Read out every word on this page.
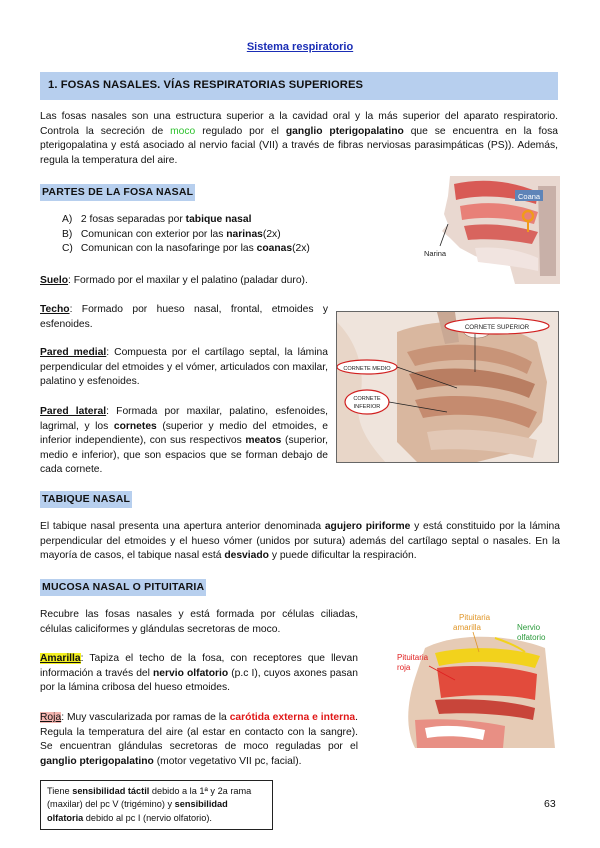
Sistema respiratorio
1. FOSAS NASALES. VÍAS RESPIRATORIAS SUPERIORES
Las fosas nasales son una estructura superior a la cavidad oral y la más superior del aparato respiratorio. Controla la secreción de moco regulado por el ganglio pterigopalatino que se encuentra en la fosa pterigopalatina y está asociado al nervio facial (VII) a través de fibras nerviosas parasimpáticas (PS)). Además, regula la temperatura del aire.
PARTES DE LA FOSA NASAL
A)
2 fosas separadas por
tabique nasal
B)
Comunican con exterior por las
narinas (2x)
C)
Comunican con la nasofaringe por las
coanas (2x)
Suelo: Formado por el maxilar y el palatino (paladar duro).
Techo: Formado por hueso nasal, frontal, etmoides y esfenoides.
Pared medial: Compuesta por el cartílago septal, la lámina perpendicular del etmoides y el vómer, articulados con maxilar, palatino y esfenoides.
Pared lateral: Formada por maxilar, palatino, esfenoides, lagrimal, y los cornetes (superior y medio del etmoides, e inferior independiente), con sus respectivos meatos (superior, medio e inferior), que son espacios que se forman debajo de cada cornete.
Coana
Narina
CORNETE SUPERIOR
CORNETE MEDIO
CORNETE
INFERIOR
TABIQUE NASAL
El tabique nasal presenta una apertura anterior denominada agujero piriforme y está constituido por la lámina perpendicular del etmoides y el hueso vómer (unidos por sutura) además del cartílago septal o nasales. En la mayoría de casos, el tabique nasal está desviado y puede dificultar la respiración.
MUCOSA NASAL O PITUITARIA
Recubre las fosas nasales y está formada por células ciliadas, células caliciformes y glándulas secretoras de moco.
Amarilla: Tapiza el techo de la fosa, con receptores que llevan información a través del nervio olfatorio (p.c I), cuyos axones pasan por la lámina cribosa del hueso etmoides.
Roja: Muy vascularizada por ramas de la carótida externa e interna. Regula la temperatura del aire (al estar en contacto con la sangre). Se encuentran glándulas secretoras de moco reguladas por el ganglio pterigopalatino (motor vegetativo VII pc, facial).
Pituitaria
amarilla	Nervio
olfatorio
Pituitaria
roja
Tiene sensibilidad táctil debido a la 1ª y 2a rama (maxilar) del pc V (trigémino) y sensibilidad olfatoria debido al pc I (nervio olfatorio).
63
